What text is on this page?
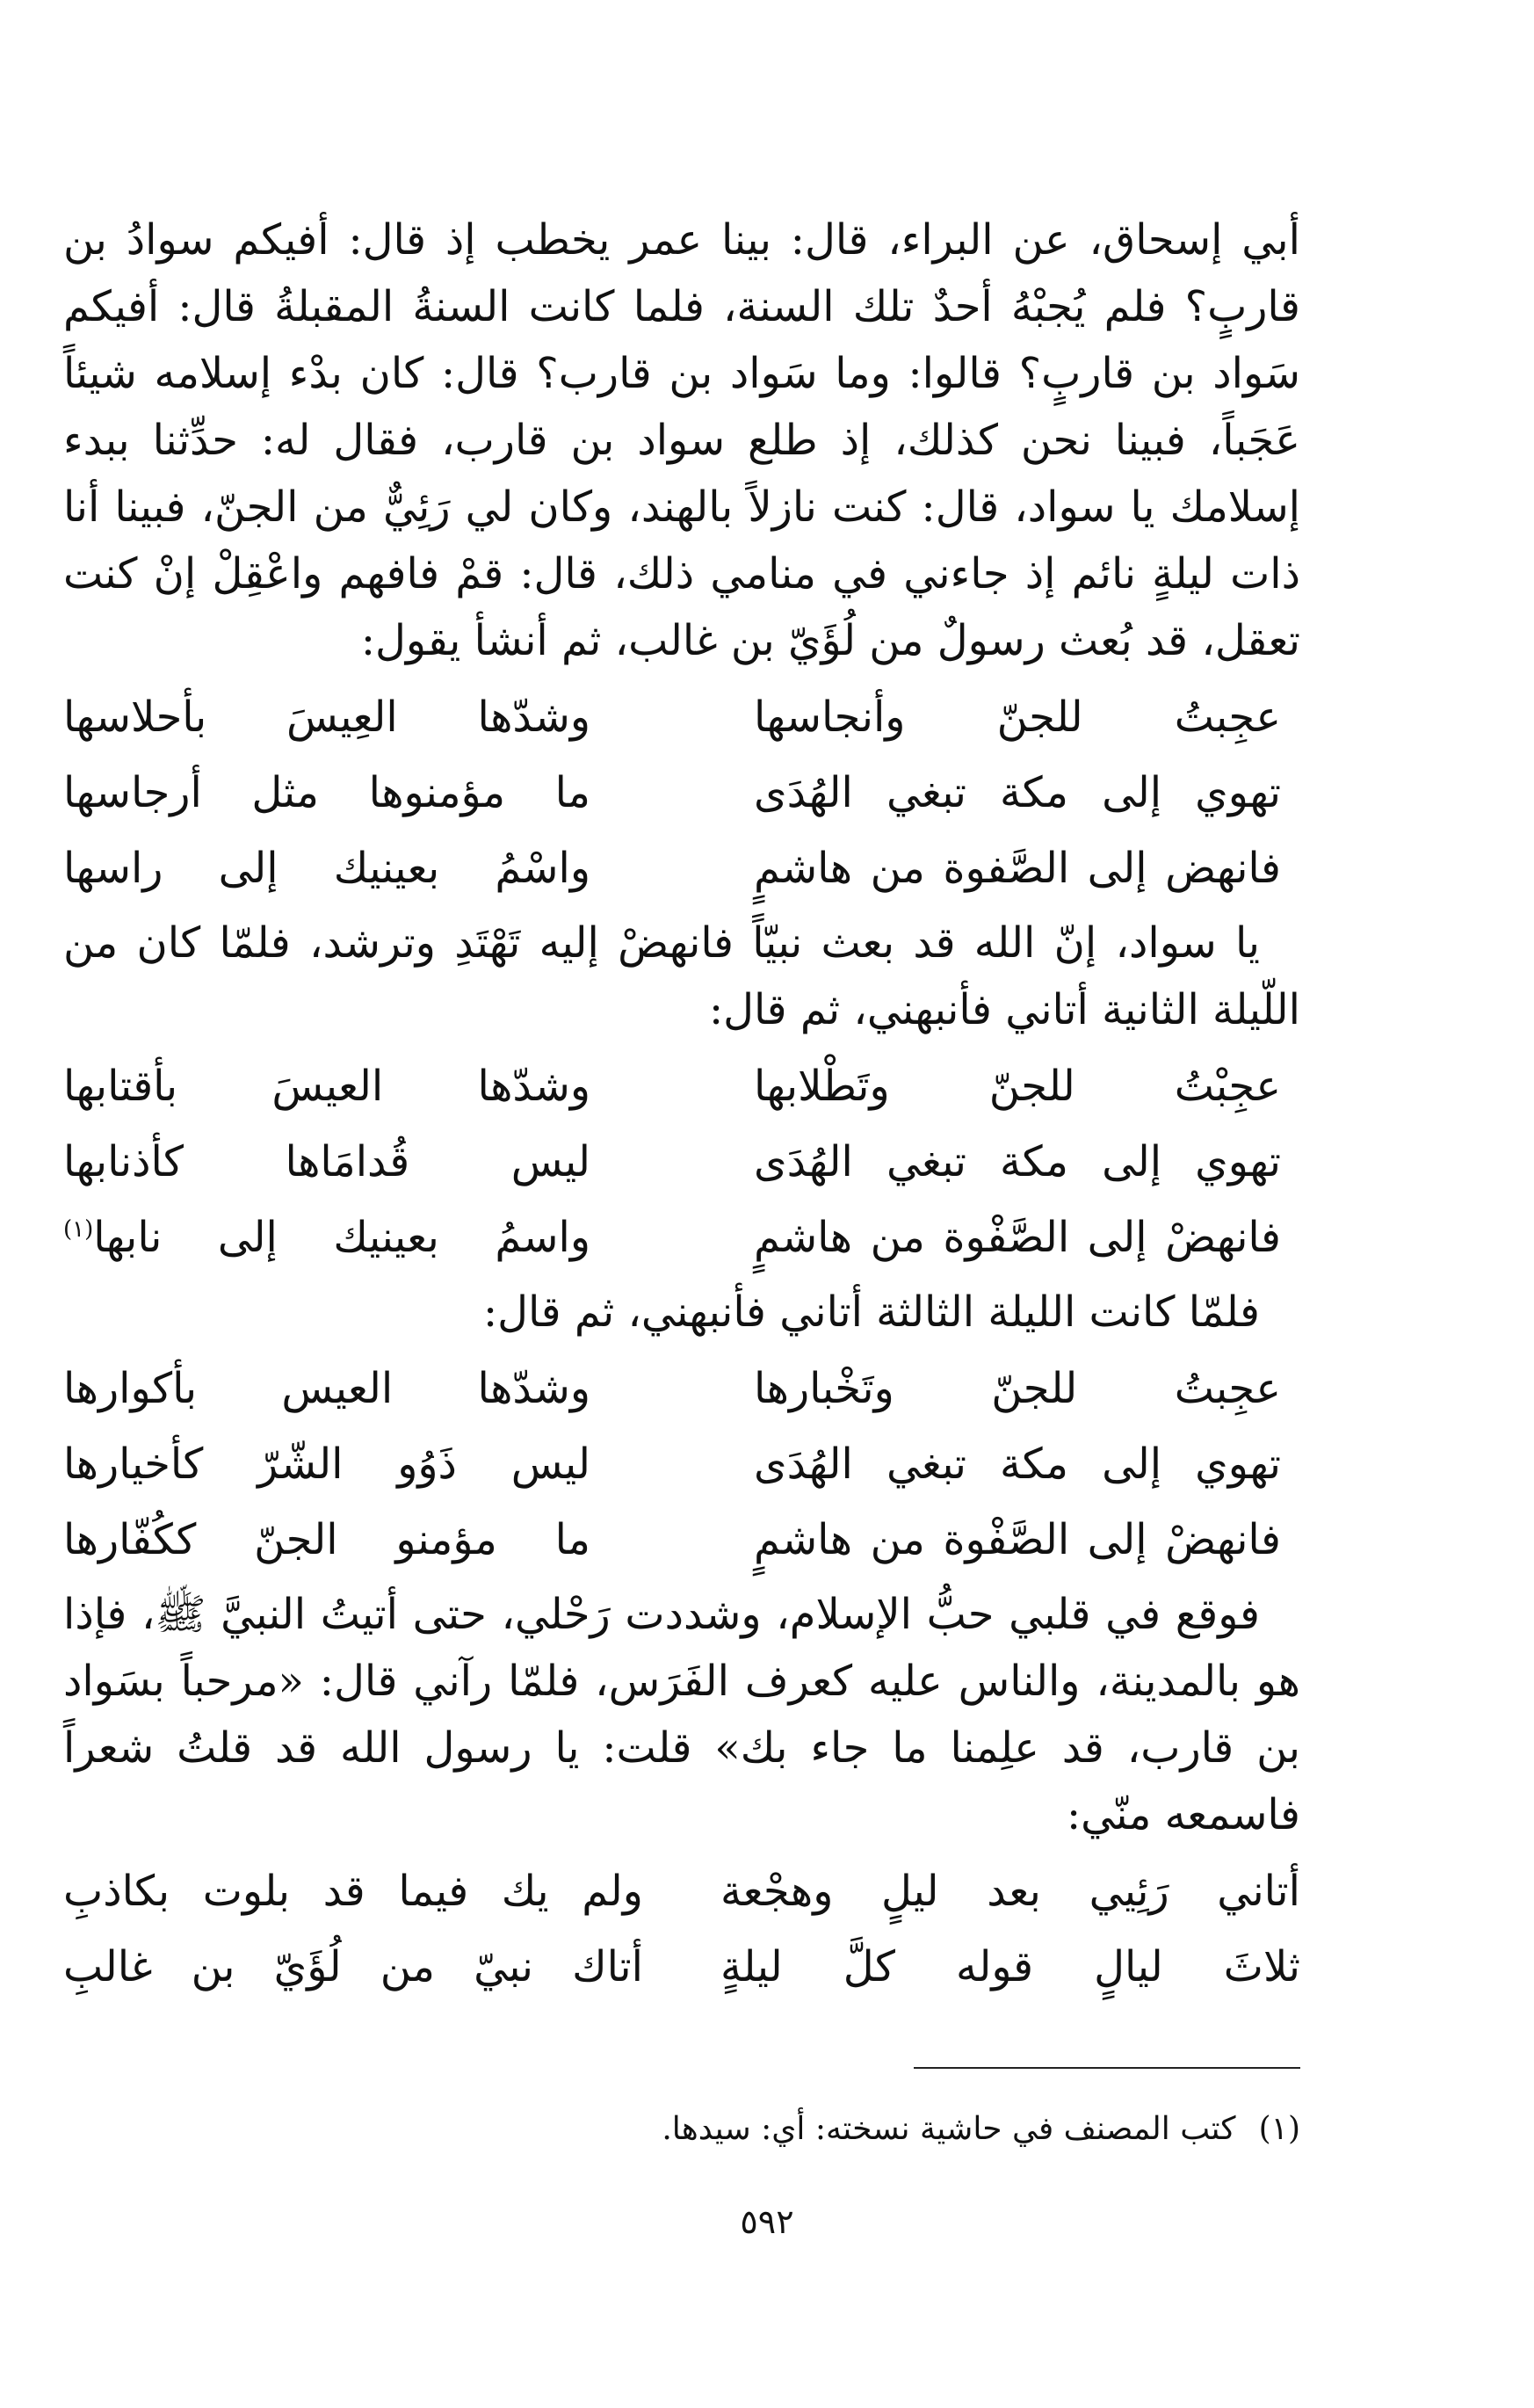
أبي إسحاق، عن البراء، قال: بينا عمر يخطب إذ قال: أفيكم سوادُ بن قاربٍ؟ فلم يُجبْهُ أحدٌ تلك السنة، فلما كانت السنةُ المقبلةُ قال: أفيكم سَواد بن قاربٍ؟ قالوا: وما سَواد بن قارب؟ قال: كان بدْء إسلامه شيئاً عَجَباً، فبينا نحن كذلك، إذ طلع سواد بن قارب، فقال له: حدِّثنا ببدء إسلامك يا سواد، قال: كنت نازلاً بالهند، وكان لي رَئِيٌّ من الجنّ، فبينا أنا ذات ليلةٍ نائم إذ جاءني في منامي ذلك، قال: قمْ فافهم واعْقِلْ إنْ كنت تعقل، قد بُعث رسولٌ من لُؤَيّ بن غالب، ثم أنشأ يقول:

عجِبتُ للجنّ وأنجاسها
وشدّها العِيسَ بأحلاسها
تهوي إلى مكة تبغي الهُدَى
ما مؤمنوها مثل أرجاسها
فانهض إلى الصَّفوة من هاشمٍ
واسْمُ بعينيك إلى راسها

يا سواد، إنّ الله قد بعث نبيّاً فانهضْ إليه تَهْتَدِ وترشد، فلمّا كان من اللّيلة الثانية أتاني فأنبهني، ثم قال:

عجِبْتُ للجنّ وتَطْلابها
وشدّها العيسَ بأقتابها
تهوي إلى مكة تبغي الهُدَى
ليس قُدامَاها كأذنابها
فانهضْ إلى الصَّفْوة من هاشمٍ
واسمُ بعينيك إلى نابها$^{(١)}$

فلمّا كانت الليلة الثالثة أتاني فأنبهني، ثم قال:

عجِبتُ للجنّ وتَخْبارها
وشدّها العيس بأكوارها
تهوي إلى مكة تبغي الهُدَى
ليس ذَوُو الشّرّ كأخيارها
فانهضْ إلى الصَّفْوة من هاشمٍ
ما مؤمنو الجنّ ككُفّارها

فوقع في قلبي حبُّ الإسلام، وشددت رَحْلي، حتى أتيتُ النبيَّ ﷺ، فإذا هو بالمدينة، والناس عليه كعرف الفَرَس، فلمّا رآني قال: «مرحباً بسَواد بن قارب، قد علِمنا ما جاء بك» قلت: يا رسول الله قد قلتُ شعراً فاسمعه منّي:

أتاني رَئِيي بعد ليلٍ وهجْعة
ولم يك فيما قد بلوت بكاذبِ
ثلاثَ ليالٍ قوله كلَّ ليلةٍ
أتاك نبيّ من لُؤَيّ بن غالبِ
(١)كتب المصنف في حاشية نسخته: أي: سيدها.
٥٩٢
